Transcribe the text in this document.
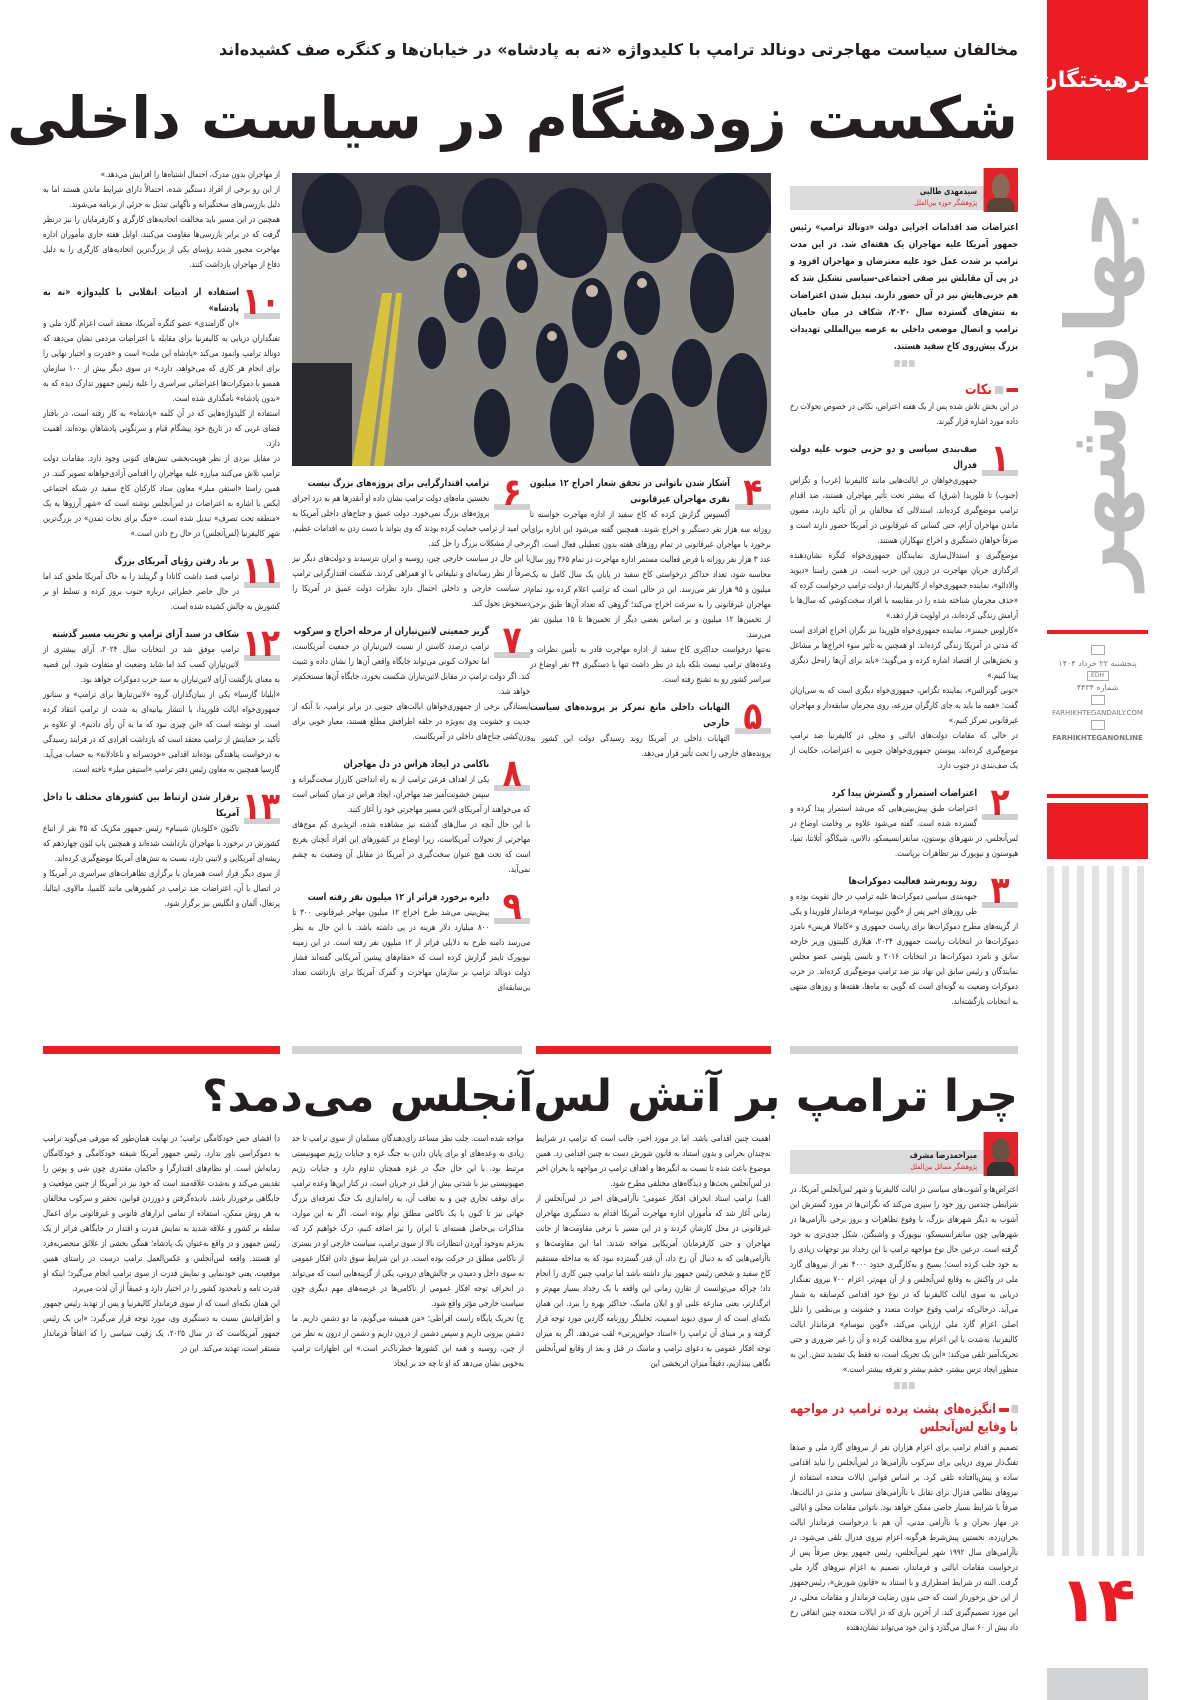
مخالفان سیاست مهاجرتی دونالد ترامپ با کلیدواژه «نه به پادشاه» در خیابان‌ها و کنگره صف کشیده‌اند
شکست زودهنگام در سیاست داخلی
فرهیختگان
جهان‌شهر
پنجشنبه ۲۲ خرداد ۱۴۰۴
EDH
شماره ۴۴۳۴
FARHIKHTEGANDAILY.COM
FARHIKHTEGANONLINE
۱۴
سیدمهدی طالبی
پژوهشگر حوزه بین‌الملل

اعتراضات ضد اقدامات اجرایی دولت «دونالد ترامپ» رئیس جمهور آمریکا علیه مهاجران یک هفته‌ای شد. در این مدت ترامپ بر شدت عمل خود علیه معترضان و مهاجران افزود و در پی آن مقابلش نیز صفی اجتماعی-سیاسی تشکیل شد که هم حزبی‌هایش نیز در آن حضور دارند. تبدیل شدن اعتراضات به تنش‌های گسترده سال ۲۰۲۰، شکاف در میان حامیان ترامپ و اتصال موضعی داخلی به عرصه بین‌المللی تهدیدات بزرگ پیش‌روی کاخ سفید هستند.

نکات

در این بخش تلاش شده پس از یک هفته اعتراض، نکاتی در خصوص تحولات رخ داده مورد اشاره قرار گیرند.

۱
صف‌بندی سیاسی و دو حزبی جنوب علیه دولت فدرال

جمهوری‌خواهان در ایالت‌هایی مانند کالیفرنیا (غرب) و تگزاس (جنوب) تا فلوریدا (شرق) که بیشتر تحت تأثیر مهاجران هستند، ضد اقدام ترامپ موضع‌گیری کرده‌اند. استدلالی که مخالفان بر آن تأکید دارند، مصون ماندن مهاجران آرام، حتی کسانی که غیرقانونی در آمریکا حضور دارند است و صرفاً خواهان دستگیری و اخراج تبهکاران هستند.

موضع‌گیری و استدلال‌سازی نمایندگان جمهوری‌خواه کنگره نشان‌دهنده اثرگذاری جریان مهاجرت در درون این حزب است. در همین راستا «دیوید والادائو»، نماینده جمهوری‌خواه از کالیفرنیا، از دولت ترامپ درخواست کرده که «حذف مجرمان شناخته شده را در مقایسه با افراد سخت‌کوشی که سال‌ها با آرامش زندگی کرده‌اند، در اولویت قرار دهد.»

«کارلوس خیمنز»، نماینده جمهوری‌خواه فلوریدا نیز نگران اخراج افرادی است که مدتی در آمریکا زندگی کرده‌اند. او همچنین به تأثیر سوء اخراج‌ها بر مشاغل و بخش‌هایی از اقتصاد اشاره کرده و می‌گوید: «باید برای آن‌ها راه‌حل دیگری پیدا کنیم.»

«تونی گونزالس»، نماینده تگزاس، جمهوری‌خواه دیگری است که به سی‌ان‌ان گفت: «همه ما باید به جای کارگران مزرعه، روی مجرمان سابقه‌دار و مهاجران غیرقانونی تمرکز کنیم.»

در حالی که مقامات دولت‌های ایالتی و محلی در کالیفرنیا ضد ترامپ موضع‌گیری کرده‌اند، پیوستن جمهوری‌خواهان جنوبی به اعتراضات، حکایت از یک صف‌بندی در جنوب دارد.

۲
اعتراضات استمرار و گسترش پیدا کرد

اعتراضات طبق پیش‌بینی‌هایی که می‌شد استمرار پیدا کرده و گسترده شده است. گفته می‌شود علاوه بر وخامت اوضاع در لس‌آنجلس، در شهرهای بوستون، سانفرانسیسکو، دالاس، شیکاگو، آتلانتا، تمپا، هیوستون و نیویورک نیز تظاهرات برپاست.

۳
روند رو‌به‌رشد فعالیت دموکرات‌ها

جبهه‌بندی سیاسی دموکرات‌ها علیه ترامپ در حال تقویت بوده و طی روزهای اخیر پس از «گوین نیوسام» فرماندار فلوریدا و یکی از گزینه‌های مطرح دموکرات‌ها برای ریاست جمهوری و «کامالا هریس» نامزد دموکرات‌ها در انتخابات ریاست جمهوری ۲۰۲۴، هیلاری کلینتون وزیر خارجه سابق و نامزد دموکرات‌ها در انتخابات ۲۰۱۶ و نانسی پلوسی عضو مجلس نمایندگان و رئیس سابق این نهاد نیز ضد ترامپ موضع‌گیری کرده‌اند. در حزب دموکرات وضعیت به گونه‌ای است که گویی به ماه‌ها، هفته‌ها و روزهای منتهی به انتخابات بازگشته‌اند.

۴
آشکار شدن ناتوانی در تحقق شعار اخراج ۱۲ میلیون نفری مهاجران غیرقانونی

آکسیوس گزارش کرده که کاخ سفید از اداره مهاجرت خواسته تا روزانه سه هزار نفر دستگیر و اخراج شوند. همچنین گفته می‌شود این اداره برای برخورد با مهاجران غیرقانونی در تمام روزهای هفته بدون تعطیلی فعال است. اگر عدد ۳ هزار نفر روزانه با فرض فعالیت مستمر اداره مهاجرت در تمام ۳۶۵ روز سال محاسبه شود، تعداد حداکثر درخواستی کاخ سفید در پایان یک سال کامل به یک میلیون و ۹۵ هزار نفر می‌رسد. این در حالی است که ترامپ اعلام کرده بود تمام مهاجران غیرقانونی را به سرعت اخراج می‌کند؛ گروهی که تعداد آن‌ها طبق برخی از تخمین‌ها ۱۲ میلیون و بر اساس بعضی دیگر از تخمین‌ها تا ۱۵ میلیون نفر می‌رسد.

نه‌تنها درخواست حداکثری کاخ سفید از اداره مهاجرت قادر به تأمین نظرات و وعده‌های ترامپ نیست بلکه باید در نظر داشت تنها با دستگیری ۴۴ نفر اوضاع در سراسر کشور رو به تشنج رفته است.

۵
التهابات داخلی مانع تمرکز بر پرونده‌های سیاست خارجی

التهابات داخلی در آمریکا روند رسیدگی دولت این کشور به پرونده‌های خارجی را تحت تأثیر قرار می‌دهد.

۶
ترامپ اقتدارگرایی برای پروژه‌های بزرگ نیست

نخستین ماه‌های دولت ترامپ نشان داده او آنقدرها هم به درد اجرای پروژه‌های بزرگ نمی‌خورد. دولت عمیق و جناح‌های داخلی آمریکا به این امید از ترامپ حمایت کرده بودند که وی بتواند با دست زدن به اقدامات عظیم، برخی از مشکلات بزرگ را حل کند.

با این حال در سیاست خارجی چین، روسیه و ایران نترسیدند و دولت‌های دیگر نیز صرفاً از نظر رسانه‌ای و تبلیغاتی با او همراهی کردند. شکست اقتدارگرایی ترامپ در سیاست خارجی و داخلی احتمال دارد نظرات دولت عمیق در آمریکا را دستخوش تحول کند.

۷
گریز جمعیتی لاتین‌تباران از مرحله اخراج و سرکوب

ترامپ درصدد کاستن از نسبت لاتین‌تباران در جمعیت آمریکاست، اما تحولات کنونی می‌تواند جایگاه واقعی آن‌ها را نشان داده و تثبیت کند. اگر دولت ترامپ در مقابل لاتین‌تباران شکست بخورد، جایگاه آن‌ها مستحکم‌تر خواهد شد.

ایستادگی برخی از جمهوری‌خواهان ایالت‌های جنوبی در برابر ترامپ، با آنکه از جدیت و خشونت وی به‌ویژه در حلقه اطرافش مطلع هستند، معیار خوبی برای وزن‌کشی جناح‌های داخلی در آمریکاست.

۸
ناکامی در ایجاد هراس در دل مهاجران

یکی از اهداف فرعی ترامپ از به راه انداختن کارزار سخت‌گیرانه و سپس خشونت‌آمیز ضد مهاجران، ایجاد هراس در میان کسانی است که می‌خواهند از آمریکای لاتین مسیر مهاجرتی خود را آغاز کنند.

با این حال آنچه در سال‌های گذشته نیز مشاهده شده، اثرپذیری کم موج‌های مهاجرتی از تحولات آمریکاست، زیرا اوضاع در کشورهای این افراد آنچنان بغرنج است که تحت هیچ عنوان سخت‌گیری در آمریکا در مقابل آن وضعیت به چشم نمی‌آید.

۹
دایره برخورد فراتر از ۱۲ میلیون نفر رفته است

پیش‌بینی می‌شد طرح اخراج ۱۲ میلیون مهاجر غیرقانونی ۳۰۰ تا ۸۰۰ میلیارد دلار هزینه در پی داشته باشد. با این حال به نظر می‌رسد دامنه طرح به دلایلی فراتر از ۱۲ میلیون نفر رفته است. در این زمینه نیویورک تایمز گزارش کرده است که «مقام‌های پیشین آمریکایی گفته‌اند فشار دولت دونالد ترامپ بر سازمان مهاجرت و گمرک آمریکا برای بازداشت تعداد بی‌سابقه‌ای

از مهاجران بدون مدرک، احتمال اشتباه‌ها را افزایش می‌دهد.»

از این رو برخی از افراد دستگیر شده، احتمالاً دارای شرایط ماندن هستند اما به دلیل بازرسی‌های سختگیرانه و ناگهانی تبدیل به جزئی از برنامه می‌شوند.

همچنین در این مسیر باید مخالفت اتحادیه‌های کارگری و کارفرمایان را نیز درنظر گرفت که در برابر بازرسی‌ها مقاومت می‌کنند. اوایل هفته جاری مأموران اداره مهاجرت مجبور شدند رؤسای یکی از بزرگ‌ترین اتحادیه‌های کارگری را به دلیل دفاع از مهاجران بازداشت کنند.

۱۰
استفاده از ادبیات انقلابی با کلیدواژه «نه به پادشاه»

«ان گارامندی» عضو کنگره آمریکا، معتقد است اعزام گارد ملی و تفنگداران دریایی به کالیفرنیا برای مقابله با اعتراضات مردمی نشان می‌دهد که دونالد ترامپ وانمود می‌کند «پادشاه این ملت» است و «قدرت و اختیار نهایی را برای انجام هر کاری که می‌خواهد، دارد.» در سوی دیگر بیش از ۱۰۰ سازمان همسو با دموکرات‌ها اعتراضاتی سراسری را علیه رئیس جمهور تدارک دیده که به «بدون پادشاه» نامگذاری شده است.

استفاده از کلیدواژه‌هایی که در آن کلمه «پادشاه» به کار رفته است، در بافتار فضای غربی که در تاریخ خود پیشگام قیام و سرنگونی پادشاهان بوده‌اند، اهمیت دارد.

در مقابل نبردی از نظر هویت‌بخشی تنش‌های کنونی وجود دارد. مقامات دولت ترامپ تلاش می‌کنند مبارزه علیه مهاجران را اقدامی آزادی‌خواهانه تصویر کنند. در همین راستا «استفن میلر» معاون ستاد کارکنان کاخ سفید در شبکه اجتماعی ایکس با اشاره به اعتراضات در لس‌آنجلس نوشته است که «شهر آرزوها به یک «منطقه تحت تصرف» تبدیل شده است. «جنگ برای نجات تمدن» در بزرگ‌ترین شهر کالیفرنیا (لس‌آنجلس) در حال رخ دادن است.»

۱۱
بر باد رفتن رؤیای آمریکای بزرگ

ترامپ قصد داشت کانادا و گرینلند را به خاک آمریکا ملحق کند اما در حال حاضر خطراتی درباره جنوب بروز کرده و تسلط او بر کشورش به چالش کشیده شده است.

۱۲
شکاف در سبد آرای ترامپ و تخریب مسیر گذشته

ترامپ موفق شد در انتخابات سال ۲۰۲۴، آرای بیشتری از لاتین‌تباران کسب کند اما شاید وضعیت او متفاوت شود. این قضیه به معنای بازگشت آرای لاتین‌تباران به سبد حزب دموکرات خواهد بود.

«ایلیانا گارسیا» یکی از بنیان‌گذاران گروه «لاتین‌تبارها برای ترامپ» و سناتور جمهوری‌خواه ایالت فلوریدا، با انتشار بیانیه‌ای به شدت از ترامپ انتقاد کرده است. او نوشته است که «این چیزی نبود که ما به آن رأی دادیم». او علاوه بر تأکید بر حمایتش از ترامپ معتقد است که بازداشت افرادی که در فرایند رسیدگی به درخواست پناهندگی بوده‌اند اقدامی «خودسرانه و ناعادلانه» به حساب می‌آید. گارسیا همچنین به معاون رئیس دفتر ترامپ «استیفن میلر» تاخته است.

۱۳
برقرار شدن ارتباط بین کشورهای مختلف با داخل آمریکا

تاکنون «کلودیان شینبام» رئیس جمهور مکزیک که ۳۵ نفر از اتباع کشورش در برخورد با مهاجران بازداشت شده‌اند و همچنین پاپ لئون چهاردهم که ریشه‌ای آمریکایی و لاتینی دارد، نسبت به تنش‌های آمریکا موضع‌گیری کرده‌اند.

از سوی دیگر قرار است همزمان با برگزاری تظاهرات‌های سراسری در آمریکا و در اتصال با آن، اعتراضات ضد ترامپ در کشورهایی مانند کلمبیا، مالاوی، ایتالیا، پرتغال، آلمان و انگلیس نیز برگزار شود.

چرا ترامپ بر آتش لس‌آنجلس می‌دمد؟
میراحمدرضا مشرف
پژوهشگر مسائل بین‌الملل

اعتراض‌ها و آشوب‌های سیاسی در ایالت کالیفرنیا و شهر لس‌آنجلس آمریکا، در شرایطی چندمین روز خود را سپری می‌کند که نگرانی‌ها در مورد گسترش این آشوب به دیگر شهرهای بزرگ، با وقوع تظاهرات و بروز برخی ناآرامی‌ها در شهرهایی چون سانفرانسیسکو، نیویورک و واشنگتن، شکل جدی‌تری به خود گرفته است. درعین حال نوع مواجهه ترامپ با این رخداد نیز توجهات زیادی را به خود جلب کرده است؛ بسیج و به‌کارگیری حدود ۴۰۰۰ نفر از نیروهای گارد ملی در واکنش به وقایع لس‌آنجلس و از آن مهم‌تر، اعزام ۷۰۰ نیروی تفنگدار دریایی به سوی ایالت کالیفرنیا که در نوع خود اقدامی کم‌سابقه به شمار می‌آید. درحالی‌که ترامپ وقوع حوادث متعدد و خشونت و بی‌نظمی را دلیل اصلی اعزام گارد ملی ارزیابی می‌کند، «گوین نیوسام» فرماندار ایالت کالیفرنیا، به‌شدت با این اعزام نیرو مخالفت کرده و آن را غیر ضروری و حتی تحریک‌آمیز تلقی می‌کند: «این یک تحریک است، نه فقط یک تشدید تنش. این به منظور ایجاد ترس بیشتر، خشم بیشتر و تفرقه بیشتر است.»

انگیزه‌های پشت پرده ترامپ در مواجهه با وقایع لس‌آنجلس

تصمیم و اقدام ترامپ برای اعزام هزاران نفر از نیروهای گارد ملی و صدها تفنگ‌دار نیروی دریایی برای سرکوب ناآرامی‌ها در لس‌آنجلس را نباید اقدامی ساده و پیش‌پاافتاده تلقی کرد. بر اساس قوانین ایالات متحده استفاده از نیروهای نظامی فدرال برای تقابل با ناآرامی‌های سیاسی و مدنی در ایالت‌ها، صرفاً با شرایط بسیار خاصی ممکن خواهد بود. ناتوانی مقامات محلی و ایالتی در مهار بحران و یا ناآرامی مدنی، آن هم با درخواست فرماندار ایالت بحران‌زده، نخستین پیش‌شرط هرگونه اعزام نیروی فدرال تلقی می‌شود. در ناآرامی‌های سال ۱۹۹۲ شهر لس‌آنجلس، رئیس جمهور بوش صرفاً پس از درخواست مقامات ایالتی و فرماندار، تصمیم به اعزام نیروهای گارد ملی گرفت. البته در شرایط اضطراری و با استناد به «قانون شورش»، رئیس‌جمهور از این حق برخوردار است که حتی بدون رضایت فرماندار و مقامات محلی، در این مورد تصمیم‌گیری کند. از آخرین باری که در ایالات متحده چنین اتفاقی رخ داد بیش از ۶۰ سال می‌گذرد و این خود می‌تواند نشان‌دهنده

اهمیت چنین اقدامی باشد. اما در مورد اخیر، جالب است که ترامپ در شرایط نه‌چندان بحرانی و بدون استناد به قانون شورش دست به چنین اقدامی زد. همین موضوع باعث شده تا نسبت به انگیزه‌ها و اهداف ترامپ در مواجهه با بحران اخیر در لس‌آنجلس بحث‌ها و دیدگاه‌های مختلفی مطرح شود.

الف) ترامپ استاد انحراف افکار عمومی؛ ناآرامی‌های اخیر در لس‌آنجلس از زمانی آغاز شد که مأموران اداره مهاجرت آمریکا اقدام به دستگیری مهاجران غیرقانونی در محل کارشان کردند و در این مسیر با برخی مقاومت‌ها از جانب مهاجران و حتی کارفرمایان آمریکایی مواجه شدند. اما این مقاومت‌ها و ناآرامی‌هایی که به دنبال آن رخ داد، آن قدر گسترده نبود که به مداخله مستقیم کاخ سفید و شخص رئیس جمهور نیاز داشته باشد اما ترامپ چنین کاری را انجام داد؛ چراکه می‌توانست از تقارن زمانی این واقعه با یک رخداد بسیار مهم‌تر و اثرگذارتر، یعنی منازعه علنی او و ایلان ماسک، حداکثر بهره را ببرد. این همان نکته‌ای است که از سوی دیوید اسمیت، تحلیلگر روزنامه گاردین مورد توجه قرار گرفته و بر مبنای آن ترامپ را «استاد حواس‌پرتی» لقب می‌دهد. اگر به میزان توجه افکار عمومی به دعوای ترامپ و ماسک در قبل و بعد از وقایع لس‌آنجلس نگاهی بیندازیم، دقیقاً میزان اثربخشی این

مواجه شده است. جلب نظر مساعد رای‌دهندگان مسلمان از سوی ترامپ تا حد زیادی به وعده‌های او برای پایان دادن به جنگ غزه و جنایات رژیم صهیونیستی مرتبط بود. با این حال جنگ در غزه همچنان تداوم دارد و جنایات رژیم صهیونیستی نیز با شدتی بیش از قبل در جریان است. در کنار این‌ها وعده ترامپ برای توقف تجاری چین و به تعاقب آن، به راه‌اندازی یک جنگ تعرفه‌ای بزرگ جهانی نیز تا کنون با یک ناکامی مطلق توأم بوده است. اگر به این موارد، مذاکرات بی‌حاصل هسته‌ای با ایران را نیز اضافه کنیم، درک خواهیم کرد که به‌رغم به‌وجود آوردن انتظارات بالا از سوی ترامپ، سیاست خارجی او در بستری از ناکامی مطلق در حرکت بوده است. در این شرایط سوق دادن افکار عمومی به سوی داخل و دمیدن بر چالش‌های درونی، یکی از گزینه‌هایی است که می‌تواند در انحراف توجه افکار عمومی از ناکامی‌ها در عرصه‌های مهم دیگری چون سیاست خارجی مؤثر واقع شود.

ج) تحریک پایگاه راست افراطی؛ «من همیشه می‌گویم، ما دو دشمن داریم. ما دشمن بیرونی داریم و سپس دشمن از درون داریم و دشمن از درون به نظر من از چین، روسیه و همه این کشورها خطرناک‌تر است.» این اظهارات ترامپ به‌خوبی نشان می‌دهد که او تا چه حد بر ایجاد

د) افشای حس خودکامگی ترامپ؛ در نهایت همان‌طور که مورفی می‌گوید ترامپ به دموکراسی باور ندارد. رئیس جمهور آمریکا شیفته خودکامگی و خودکامگان زمانه‌اش است. او نظام‌های اقتدارگرا و حاکمان مقتدری چون شی و پوتین را تقدیس می‌کند و به‌شدت علاقه‌مند است که خود نیز در آمریکا از چنین موقعیت و جایگاهی برخوردار باشد. نادیده‌گرفتن و دورزدن قوانین، تحقیر و سرکوب مخالفان به هر روش ممکن، استفاده از تمامی ابزارهای قانونی و غیرقانونی برای اعمال سلطه بر کشور و علاقه شدید به نمایش قدرت و اقتدار در جایگاهی فراتر از یک رئیس جمهور و در واقع به‌عنوان یک پادشاه؛ همگی بخشی از علائق منحصربه‌فرد او هستند. واقعه لس‌آنجلس و عکس‌العمل ترامپ درست در راستای همین موقعیت، یعنی خودنمایی و نمایش قدرت از سوی ترامپ انجام می‌گیرد؛ اینکه او قدرت تامه و نامحدود کشور را در اختیار دارد و عمیقاً از آن لذت می‌برد.

این همان نکته‌ای است که از سوی فرماندار کالیفرنیا و پس از تهدید رئیس جمهور و اطرافیانش نسبت به دستگیری وی، مورد توجه قرار می‌گیرد: «این یک رئیس جمهور آمریکاست که در سال ۲۰۲۵، یک رقیب سیاسی را که اتفاقاً فرماندار مستقر است، تهدید می‌کند. این در
